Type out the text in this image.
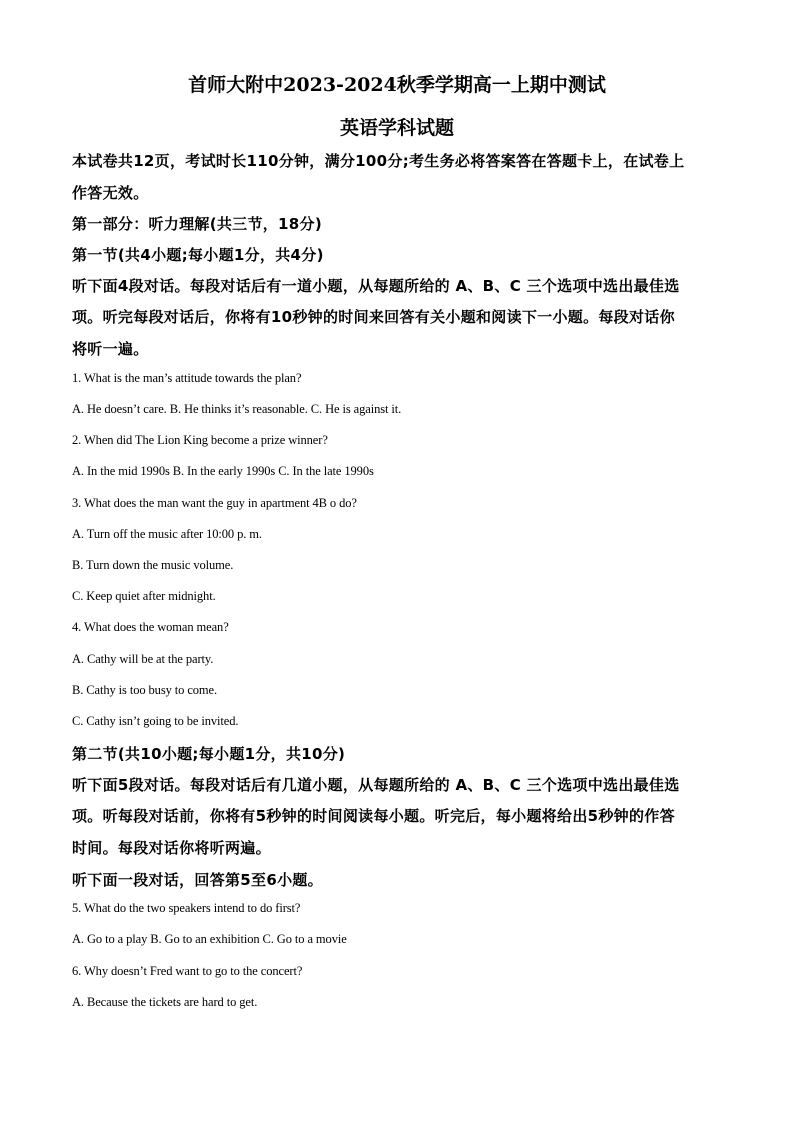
首师大附中2023-2024秋季学期高一上期中测试
英语学科试题
本试卷共12页，考试时长110分钟，满分100分;考生务必将答案答在答题卡上，在试卷上
作答无效。
第一部分：听力理解(共三节，18分)
第一节(共4小题;每小题1分，共4分)
听下面4段对话。每段对话后有一道小题，从每题所给的 A、B、C 三个选项中选出最佳选
项。听完每段对话后，你将有10秒钟的时间来回答有关小题和阅读下一小题。每段对话你
将听一遍。
1. What is the man’s attitude towards the plan?
A. He doesn’t care. B. He thinks it’s reasonable. C. He is against it.
2. When did The Lion King become a prize winner?
A. In the mid 1990s B. In the early 1990s C. In the late 1990s
3. What does the man want the guy in apartment 4B o do?
A. Turn off the music after 10:00 p. m.
B. Turn down the music volume.
C. Keep quiet after midnight.
4. What does the woman mean?
A. Cathy will be at the party.
B. Cathy is too busy to come.
C. Cathy isn’t going to be invited.
第二节(共10小题;每小题1分，共10分)
听下面5段对话。每段对话后有几道小题，从每题所给的 A、B、C 三个选项中选出最佳选
项。听每段对话前，你将有5秒钟的时间阅读每小题。听完后，每小题将给出5秒钟的作答
时间。每段对话你将听两遍。
听下面一段对话，回答第5至6小题。
5. What do the two speakers intend to do first?
A. Go to a play B. Go to an exhibition C. Go to a movie
6. Why doesn’t Fred want to go to the concert?
A. Because the tickets are hard to get.
